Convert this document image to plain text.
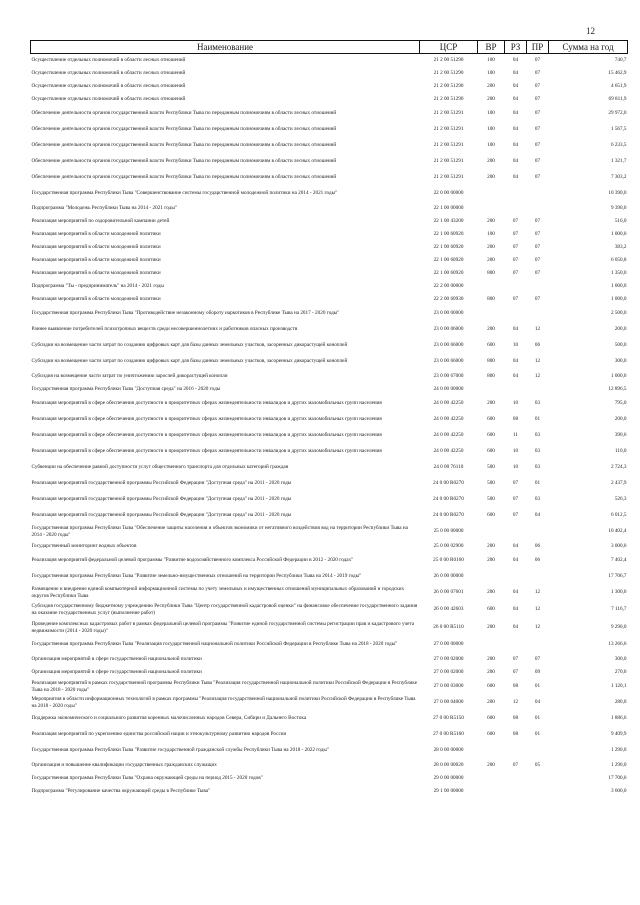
12
Наименование	ЦСР	ВР	РЗ	ПР	Сумма на год
Осуществление отдельных полномочий в области лесных отношений	21 2 00 51290	100	04	07	740,7
Осуществление отдельных полномочий в области лесных отношений	21 2 00 51290	100	04	07	15 462,9
Осуществление отдельных полномочий в области лесных отношений	21 2 00 51290	200	04	07	4 651,9
Осуществление отдельных полномочий в области лесных отношений	21 2 00 51290	200	04	07	69 811,9
Обеспечение деятельности органов государственной власти Республики Тыва по переданным полномочиям в области лесных отношений	21 2 00 51291	100	04	07	29 972,0
Обеспечение деятельности органов государственной власти Республики Тыва по переданным полномочиям в области лесных отношений	21 2 00 51291	100	04	07	1 567,5
Обеспечение деятельности органов государственной власти Республики Тыва по переданным полномочиям в области лесных отношений	21 2 00 51291	100	04	07	6 233,5
Обеспечение деятельности органов государственной власти Республики Тыва по переданным полномочиям в области лесных отношений	21 2 00 51291	200	04	07	1 321,7
Обеспечение деятельности органов государственной власти Республики Тыва по переданным полномочиям в области лесных отношений	21 2 00 51291	200	04	07	7 303,2
Государственная программа Республики Тыва "Совершенствование системы государственной молодежной политики на 2014 - 2021 годы"	22 0 00 00000				10 390,0
Подпрограмма "Молодежь Республики Тыва на 2014 - 2021 годы"	22 1 00 00000				9 390,0
Реализация мероприятий по оздоровительной кампании детей	22 1 00 43200	200	07	07	516,0
Реализация мероприятий в области молодежной политики	22 1 00 60920	100	07	07	1 000,0
Реализация мероприятий в области молодежной политики	22 1 00 60920	200	07	07	383,2
Реализация мероприятий в области молодежной политики	22 1 00 60920	200	07	07	6 050,8
Реализация мероприятий в области молодежной политики	22 1 00 60920	800	07	07	1 350,0
Подпрограмма "Ты - предприниматель" на 2014 - 2021 годы	22 2 00 00000				1 000,0
Реализация мероприятий в области молодежной политики	22 2 00 60930	800	07	07	1 000,0
Государственная программа Республики Тыва "Противодействие незаконному обороту наркотиков в Республике Тыва на 2017 - 2020 годы"	23 0 00 00000				2 500,0
Раннее выявление потребителей психотропных веществ среди несовершеннолетних и работников опасных производств	23 0 00 06000	200	04	12	200,0
Субсидии на возмещение части затрат по созданию цифровых карт для базы данных земельных участков, засоренных дикорастущей коноплей	23 0 00 66000	600	10	06	500,0
Субсидии на возмещение части затрат по созданию цифровых карт для базы данных земельных участков, засоренных дикорастущей коноплей	23 0 00 66000	800	04	12	300,0
Субсидия на возмещение части затрат по уничтожению зарослей дикорастущей конопли	23 0 00 67000	800	04	12	1 000,0
Государственная программа Республики Тыва "Доступная среда" на 2016 - 2020 годы	24 0 00 00000				12 896,5
Реализация мероприятий в сфере обеспечения доступности в приоритетных сферах жизнедеятельности инвалидов и других маломобильных групп населения	24 0 00 42250	200	10	03	795,0
Реализация мероприятий в сфере обеспечения доступности в приоритетных сферах жизнедеятельности инвалидов и других маломобильных групп населения	24 0 00 42250	600	08	01	200,0
Реализация мероприятий в сфере обеспечения доступности в приоритетных сферах жизнедеятельности инвалидов и других маломобильных групп населения	24 0 00 42250	600	11	03	390,6
Реализация мероприятий в сфере обеспечения доступности в приоритетных сферах жизнедеятельности инвалидов и других маломобильных групп населения	24 0 00 42250	600	10	03	110,0
Субвенции на обеспечение равной доступности услуг общественного транспорта для отдельных категорий граждан	24 0 00 76110	500	10	03	2 724,3
Реализация мероприятий государственной программы Российской Федерации "Доступная среда" на 2011 - 2020 годы	24 0 00 R0270	500	07	01	2 437,9
Реализация мероприятий государственной программы Российской Федерации "Доступная среда" на 2011 - 2020 годы	24 0 00 R0270	500	07	03	526,3
Реализация мероприятий государственной программы Российской Федерации "Доступная среда" на 2011 - 2020 годы	24 0 00 R0270	600	07	04	6 012,5
Государственная программа Республики Тыва "Обеспечение защиты населения и объектов экономики от негативного воздействия вод на территории Республики Тыва на 2014 - 2020 годы"	25 0 00 00000				10 402,4
Государственный мониторинг водных объектов	25 0 00 02900	200	04	06	3 000,0
Реализация мероприятий федеральной целевой программы "Развитие водохозяйственного комплекса Российской Федерации в 2012 - 2020 годах"	25 0 00 R0160	200	04	06	7 402,4
Государственная программа Республики Тыва "Развитие земельно-имущественных отношений на территории Республики Тыва на 2014 - 2019 годы"	26 0 00 00000				17 706,7
Размещение и внедрение единой компьютерной информационной системы по учету земельных и имущественных отношений муниципальных образований и городских округов Республики Тыва	26 0 00 07601	200	04	12	1 300,0
Субсидия государственному бюджетному учреждению Республики Тыва "Центр государственной кадастровой оценки" на финансовое обеспечение государственного задания на оказание государственных услуг (выполнение работ)	26 0 00 42603	600	04	12	7 116,7
Проведение комплексных кадастровых работ в рамках федеральной целевой программы "Развитие единой государственной системы регистрации прав и кадастрового учета недвижимости (2014 - 2020 годы)"	26 0 00 R5110	200	04	12	9 290,0
Государственная программа Республики Тыва "Реализация государственной национальной политики Российской Федерации в Республике Тыва на 2018 - 2020 годы"	27 0 00 00000				13 266,6
Организация мероприятий в сфере государственной национальной политики	27 0 00 02000	200	07	07	300,0
Организация мероприятий в сфере государственной национальной политики	27 0 00 02000	200	07	09	270,0
Реализация мероприятий в рамках государственной программы Республики Тыва "Реализация государственной национальной политики Российской Федерации в Республике Тыва на 2018 - 2020 годы"	27 0 00 03000	600	08	01	1 120,1
Мероприятия в области информационных технологий в рамках программы "Реализация государственной национальной политики Российской Федерации в Республике Тыва на 2018 - 2020 годы"	27 0 00 04000	200	12	04	280,0
Поддержка экономического и социального развития коренных малочисленных народов Севера, Сибири и Дальнего Востока	27 0 00 R5150	600	08	01	1 886,6
Реализация мероприятий по укреплению единства российской нации и этнокультурному развитию народов России	27 0 00 R5160	600	08	01	9 409,9
Государственная программа Республики Тыва "Развитие государственной гражданской службы Республики Тыва на 2018 - 2022 годы"	28 0 00 00000				1 290,0
Организация и повышение квалификации государственных гражданских служащих	28 0 00 00020	200	07	05	1 290,0
Государственная программа Республики Тыва "Охрана окружающей среды на период 2015 - 2020 годов"	29 0 00 00000				17 700,0
Подпрограмма "Регулирование качества окружающей среды в Республике Тыва"	29 1 00 00000				3 600,0
